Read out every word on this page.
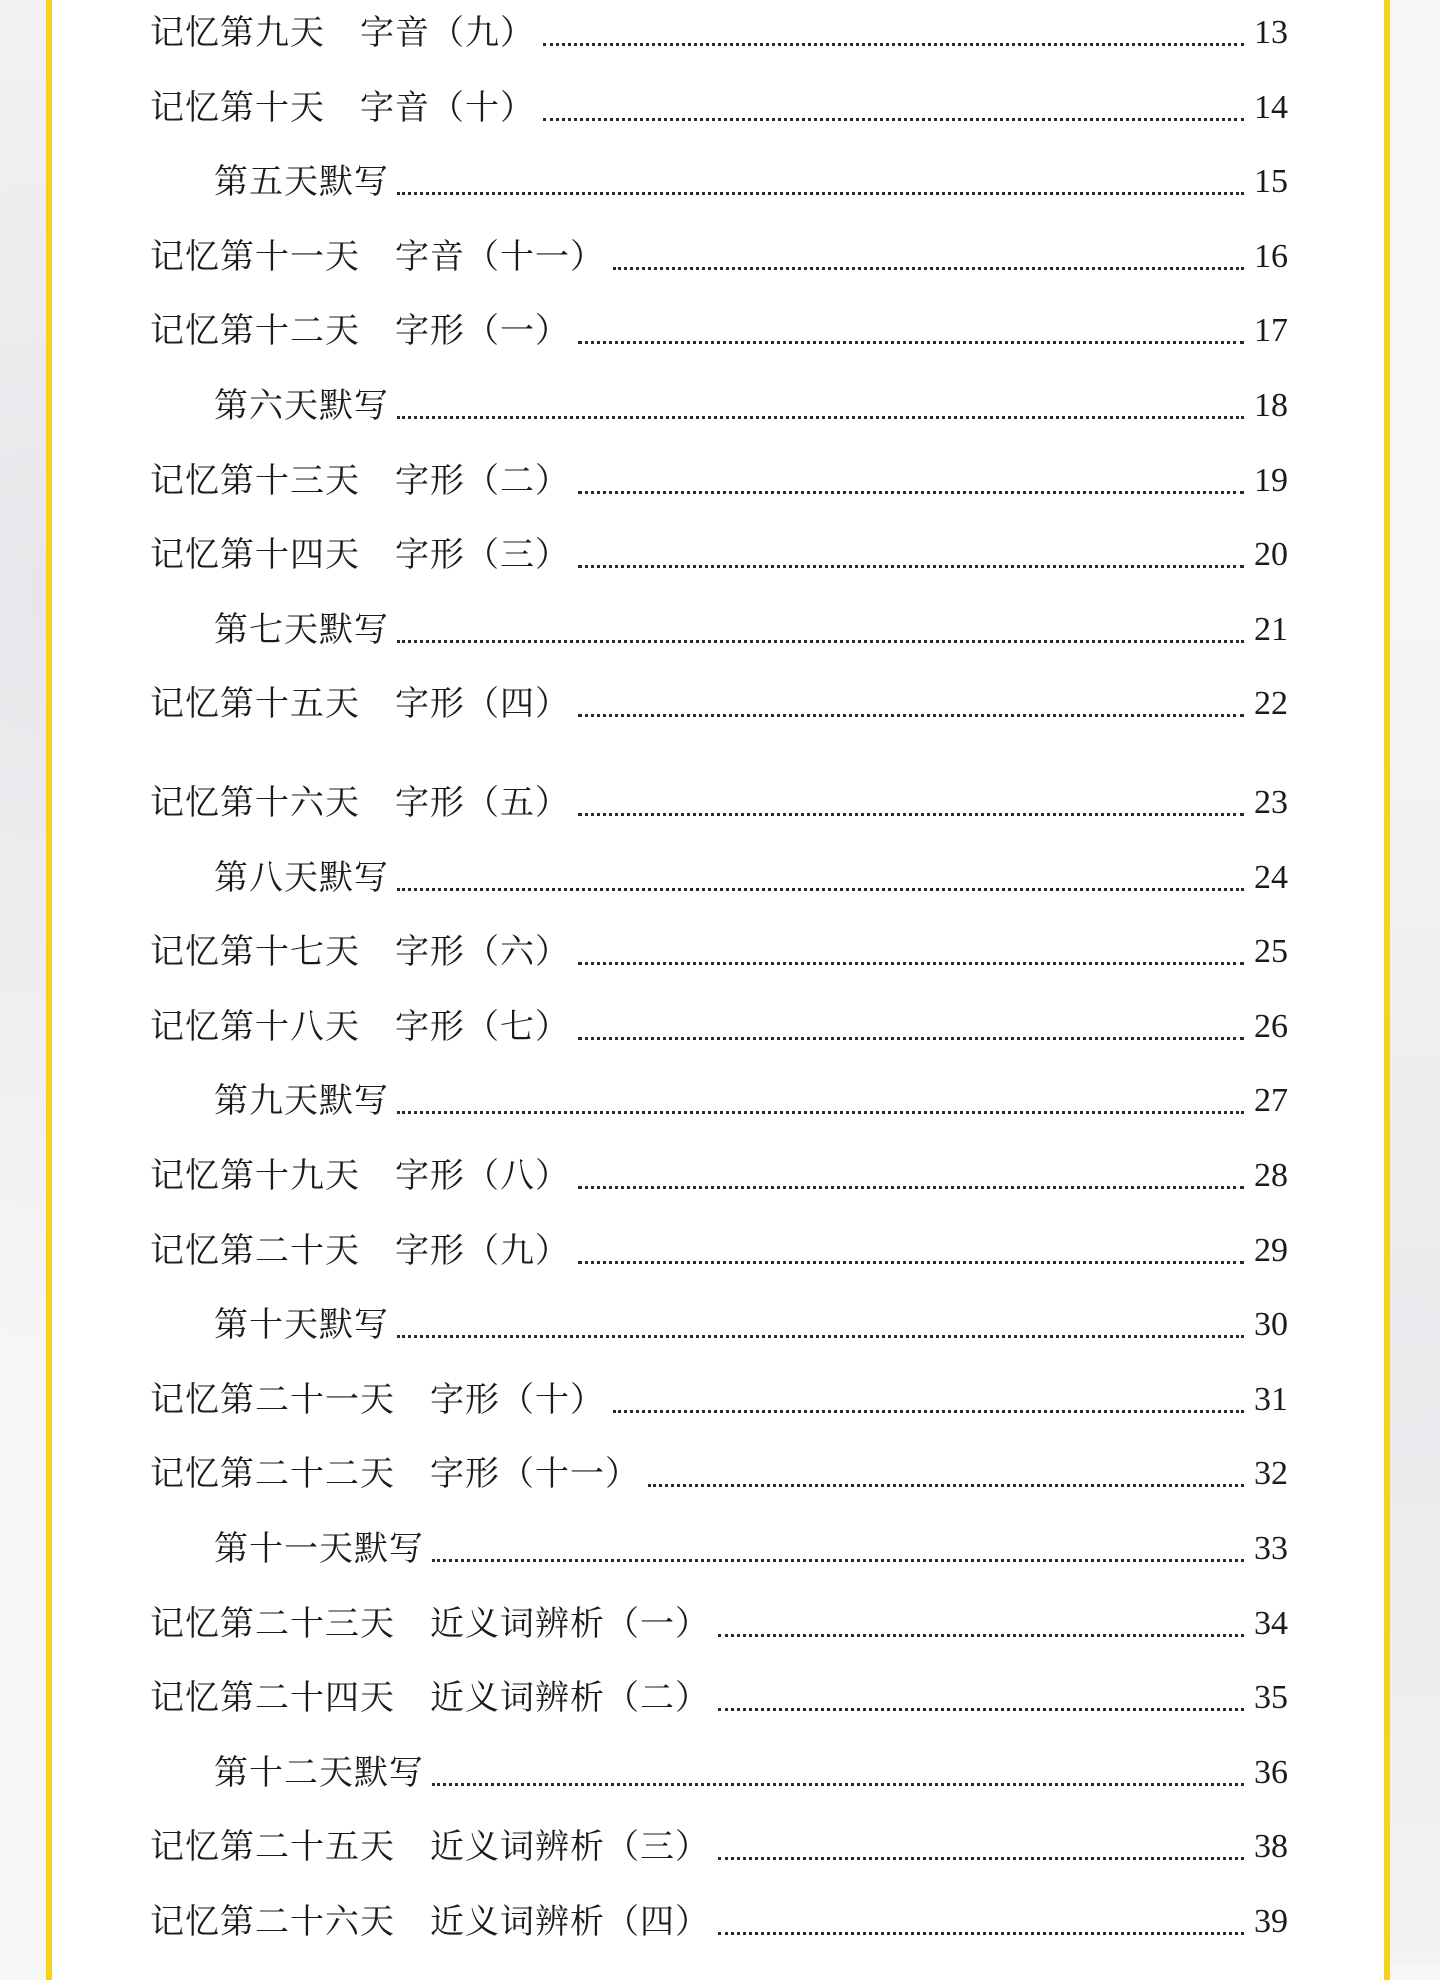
记忆第九天　字音（九）	13
记忆第十天　字音（十）	14
第五天默写	15
记忆第十一天　字音（十一）	16
记忆第十二天　字形（一）	17
第六天默写	18
记忆第十三天　字形（二）	19
记忆第十四天　字形（三）	20
第七天默写	21
记忆第十五天　字形（四）	22
记忆第十六天　字形（五）	23
第八天默写	24
记忆第十七天　字形（六）	25
记忆第十八天　字形（七）	26
第九天默写	27
记忆第十九天　字形（八）	28
记忆第二十天　字形（九）	29
第十天默写	30
记忆第二十一天　字形（十）	31
记忆第二十二天　字形（十一）	32
第十一天默写	33
记忆第二十三天　近义词辨析（一）	34
记忆第二十四天　近义词辨析（二）	35
第十二天默写	36
记忆第二十五天　近义词辨析（三）	38
记忆第二十六天　近义词辨析（四）	39
